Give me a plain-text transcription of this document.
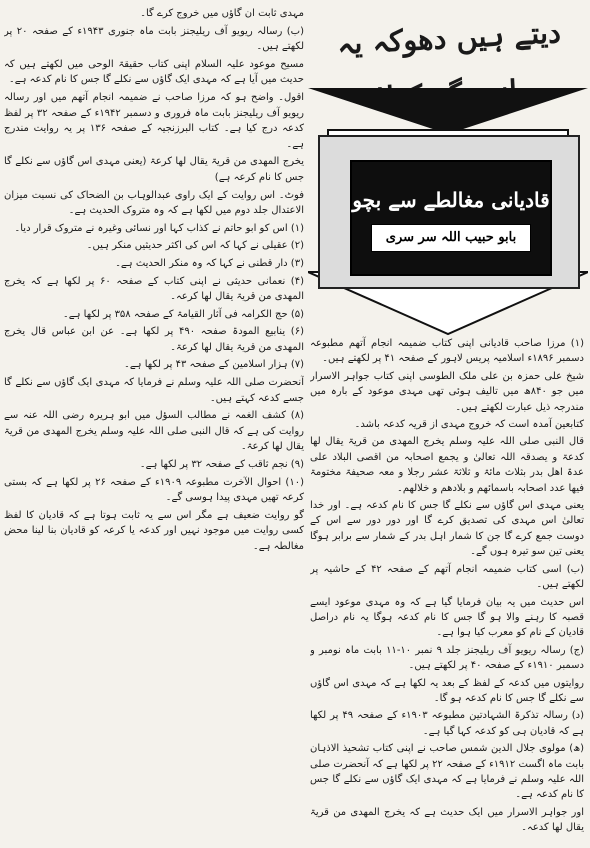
مہدی ثابت ان گاؤں میں خروج کرے گا۔

(ب) رسالہ ریویو آف ریلیجنز بابت ماہ جنوری ۱۹۴۳ء کے صفحہ ۲۰ پر لکھتے ہیں۔

مسیح موعود علیہ السلام اپنی کتاب حقیقۃ الوحی میں لکھتے ہیں کہ حدیث میں آیا ہے کہ مہدی ایک گاؤں سے نکلے گا جس کا نام کدعہ ہے۔

اقول۔ واضح ہو کہ مرزا صاحب نے ضمیمہ انجام آتھم میں اور رسالہ ریویو آف ریلیجنز بابت ماہ فروری و دسمبر ۱۹۴۲ء کے صفحہ ۳۲ پر لفظ کدعہ درج کیا ہے۔ کتاب البرزنجیہ کے صفحہ ۱۳۶ پر یہ روایت مندرج ہے۔

یخرج المھدی من قریۃ یقال لھا کرعۃ (یعنی مہدی اس گاؤں سے نکلے گا جس کا نام کرعہ ہے)

فوٹ۔ اس روایت کے ایک راوی عبدالوہاب بن الضحاک کی نسبت میزان الاعتدال جلد دوم میں لکھا ہے کہ وہ متروک الحدیث ہے۔

(۱) اس کو ابو حاتم نے کذاب کہا اور نسائی وغیرہ نے متروک قرار دیا۔

(۲) عقیلی نے کہا کہ اس کی اکثر حدیثیں منکر ہیں۔

(۳) دار قطنی نے کہا کہ وہ منکر الحدیث ہے۔

(۴) نعمانی حدیثی نے اپنی کتاب کے صفحہ ۶۰ پر لکھا ہے کہ یخرج المھدی من قریۃ یقال لھا کرعہ۔

(۵) حج الکرامہ فی آثار القیامۃ کے صفحہ ۳۵۸ پر لکھا ہے۔

(۶) ینابیع المودۃ صفحہ ۴۹۰ پر لکھا ہے۔ عن ابن عباس قال یخرج المھدی من قریۃ یقال لھا کرعۃ۔

(۷) ہزار اسلامین کے صفحہ ۴۳ پر لکھا ہے۔

آنحضرت صلی اللہ علیہ وسلم نے فرمایا کہ مہدی ایک گاؤں سے نکلے گا جسے کدعہ کہتے ہیں۔

(۸) کشف الغمہ نے مطالب السؤل میں ابو ہریرہ رضی اللہ عنہ سے روایت کی ہے کہ قال النبی صلی اللہ علیہ وسلم یخرج المھدی من قریۃ یقال لھا کرعۃ۔

(۹) نجم ثاقب کے صفحہ ۳۲ پر لکھا ہے۔

(۱۰) احوال الآخرت مطبوعہ ۱۹۰۹ء کے صفحہ ۲۶ پر لکھا ہے کہ بستی کرعہ تھیں مہدی پیدا ہوسی گے۔

گو روایت ضعیف ہے مگر اس سے یہ ثابت ہوتا ہے کہ قادیان کا لفظ کسی روایت میں موجود نہیں اور کدعہ یا کرعہ کو قادیان بنا لینا محض مغالطہ ہے۔

دیتے ہیں دھوکہ یہ
قادیانی مغالطے سے بچو
بابو حبیب اللہ سر سری

(۱) مرزا صاحب قادیانی اپنی کتاب ضمیمہ انجام آتھم مطبوعہ دسمبر ۱۸۹۶ء اسلامیہ پریس لاہور کے صفحہ ۴۱ پر لکھتے ہیں۔

شیخ علی حمزہ بن علی ملک الطوسی اپنی کتاب جواہر الاسرار میں جو ۸۴۰ھ میں تالیف ہوئی تھی مہدی موعود کے بارہ میں مندرجہ ذیل عبارت لکھتے ہیں۔

کتابعین آمدہ است کہ خروج مہدی از قریہ کدعہ باشد۔

قال النبی صلی اللہ علیہ وسلم یخرج المھدی من قریۃ یقال لھا کدعۃ و یصدقہ اللہ تعالیٰ و یجمع اصحابہ من اقصی البلاد علی عدۃ اھل بدر بثلاث مائۃ و ثلاثۃ عشر رجلا و معہ صحیفۃ مختومۃ فیھا عدد اصحابہ باسمائھم و بلادھم و خلالھم۔

یعنی مہدی اس گاؤں سے نکلے گا جس کا نام کدعہ ہے۔ اور خدا تعالیٰ اس مہدی کی تصدیق کرے گا اور دور دور سے اس کے دوست جمع کرے گا جن کا شمار اہل بدر کے شمار سے برابر ہوگا یعنی تین سو تیرہ ہوں گے۔

(ب) اسی کتاب ضمیمہ انجام آتھم کے صفحہ ۴۲ کے حاشیہ پر لکھتے ہیں۔

اس حدیث میں یہ بیان فرمایا گیا ہے کہ وہ مہدی موعود ایسے قصبہ کا رہنے والا ہو گا جس کا نام کدعہ ہوگا یہ نام دراصل قادیان کے نام کو معرب کیا ہوا ہے۔

(ج) رسالہ ریویو آف ریلیجنز جلد ۹ نمبر ۱۰-۱۱ بابت ماہ نومبر و دسمبر ۱۹۱۰ء کے صفحہ ۴۰ پر لکھتے ہیں۔

روایتوں میں کدعہ کے لفظ کے بعد یہ لکھا ہے کہ مہدی اس گاؤں سے نکلے گا جس کا نام کدعہ ہو گا۔

(د) رسالہ تذکرۃ الشہادتین مطبوعہ ۱۹۰۳ء کے صفحہ ۴۹ پر لکھا ہے کہ قادیان ہی کو کدعہ کہا گیا ہے۔

(ھ) مولوی جلال الدین شمس صاحب نے اپنی کتاب تشحیذ الاذہان بابت ماہ اگست ۱۹۱۲ء کے صفحہ ۲۲ پر لکھا ہے کہ آنحضرت صلی اللہ علیہ وسلم نے فرمایا ہے کہ مہدی ایک گاؤں سے نکلے گا جس کا نام کدعہ ہے۔

اور جواہر الاسرار میں ایک حدیث ہے کہ یخرج المھدی من قریۃ یقال لھا کدعہ۔
